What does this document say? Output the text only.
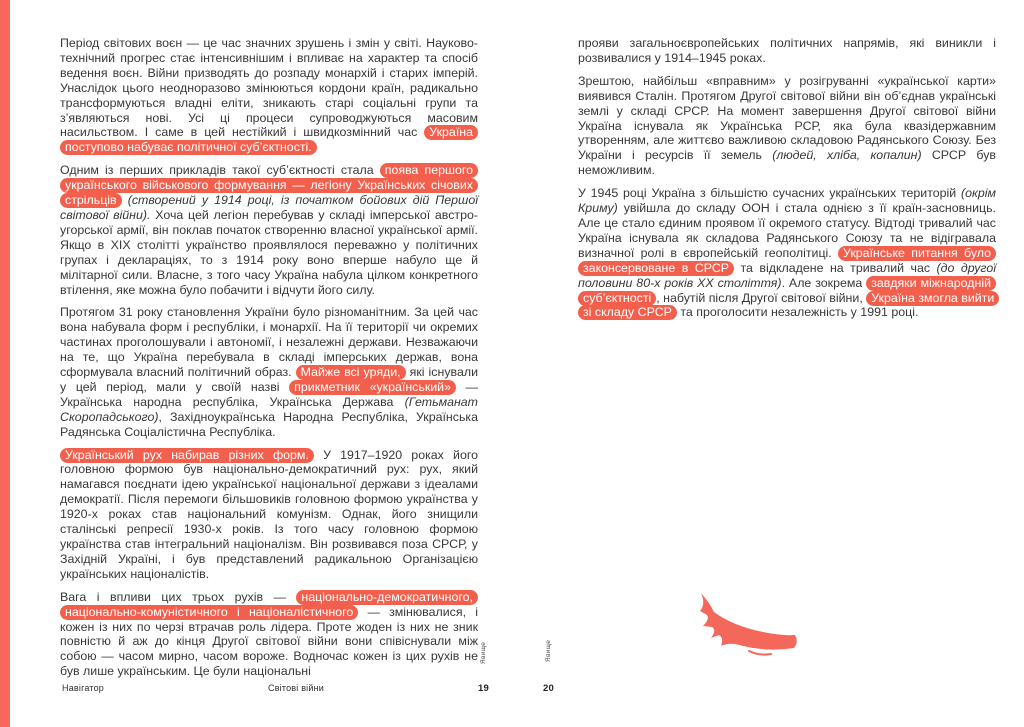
Період світових воєн — це час значних зрушень і змін у світі. Науково-технічний прогрес стає інтенсивнішим і впливає на характер та спосіб ведення воєн. Війни призводять до розпаду монархій і старих імперій. Унаслідок цього неодноразово змінюються кордони країн, радикально трансформуються владні еліти, зникають старі соціальні групи та з’являються нові. Усі ці процеси супроводжуються масовим насильством. І саме в цей нестійкий і швидкозмінний час Україна поступово набуває політичної суб’єктності.

Одним із перших прикладів такої суб’єктності стала поява першого українського військового формування — легіону Українських січових стрільців (створений у 1914 році, із початком бойових дій Першої світової війни). Хоча цей легіон перебував у складі імперської австро-угорської армії, він поклав початок створенню власної української армії. Якщо в XIX столітті українство проявлялося переважно у політичних групах і деклараціях, то з 1914 року воно вперше набуло ще й мілітарної сили. Власне, з того часу Україна набула цілком конкретного втілення, яке можна було побачити і відчути його силу.

Протягом 31 року становлення України було різноманітним. За цей час вона набувала форм і республіки, і монархії. На її території чи окремих частинах проголошували і автономії, і незалежні держави. Незважаючи на те, що Україна перебувала в складі імперських держав, вона сформувала власний політичний образ. Майже всі уряди, які існували у цей період, мали у своїй назві прикметник «український» — Українська народна республіка, Українська Держава (Гетьманат Скоропадського), Західноукраїнська Народна Республіка, Українська Радянська Соціалістична Республіка.

Український рух набирав різних форм. У 1917–1920 роках його головною формою був національно-демократичний рух: рух, який намагався поєднати ідею української національної держави з ідеалами демократії. Після перемоги більшовиків головною формою українства у 1920-х роках став національний комунізм. Однак, його знищили сталінські репресії 1930-х років. Із того часу головною формою українства став інтегральний націоналізм. Він розвивався поза СРСР, у Західній Україні, і був представлений радикальною Організацією українських націоналістів.

Вага і впливи цих трьох рухів — національно-демократичного, національно-комуністичного і націоналістичного — змінювалися, і кожен із них по черзі втрачав роль лідера. Проте жоден із них не зник повністю й аж до кінця Другої світової війни вони співіснували між собою — часом мирно, часом вороже. Водночас кожен із цих рухів не був лише українським. Це були національні

прояви загальноєвропейських політичних напрямів, які виникли і розвивалися у 1914–1945 роках.

Зрештою, найбільш «вправним» у розігруванні «української карти» виявився Сталін. Протягом Другої світової війни він об’єднав українські землі у складі СРСР. На момент завершення Другої світової війни Україна існувала як Українська РСР, яка була квазідержавним утворенням, але життєво важливою складовою Радянського Союзу. Без України і ресурсів її земель (людей, хліба, копалин) СРСР був неможливим.

У 1945 році Україна з більшістю сучасних українських територій (окрім Криму) увійшла до складу ООН і стала однією з її країн-засновниць. Але це стало єдиним проявом її окремого статусу. Відтоді тривалий час Україна існувала як складова Радянського Союзу та не відігравала визначної ролі в європейській геополітиці. Українське питання було законсервоване в СРСР та відкладене на тривалий час (до другої половини 80-х років ХХ століття). Але зокрема завдяки міжнародній суб’єктності , набутій після Другої світової війни, Україна змогла вийти зі складу СРСР та проголосити незалежність у 1991 році.

Явище	Явище
Навігатор	Світові війни	19	20
